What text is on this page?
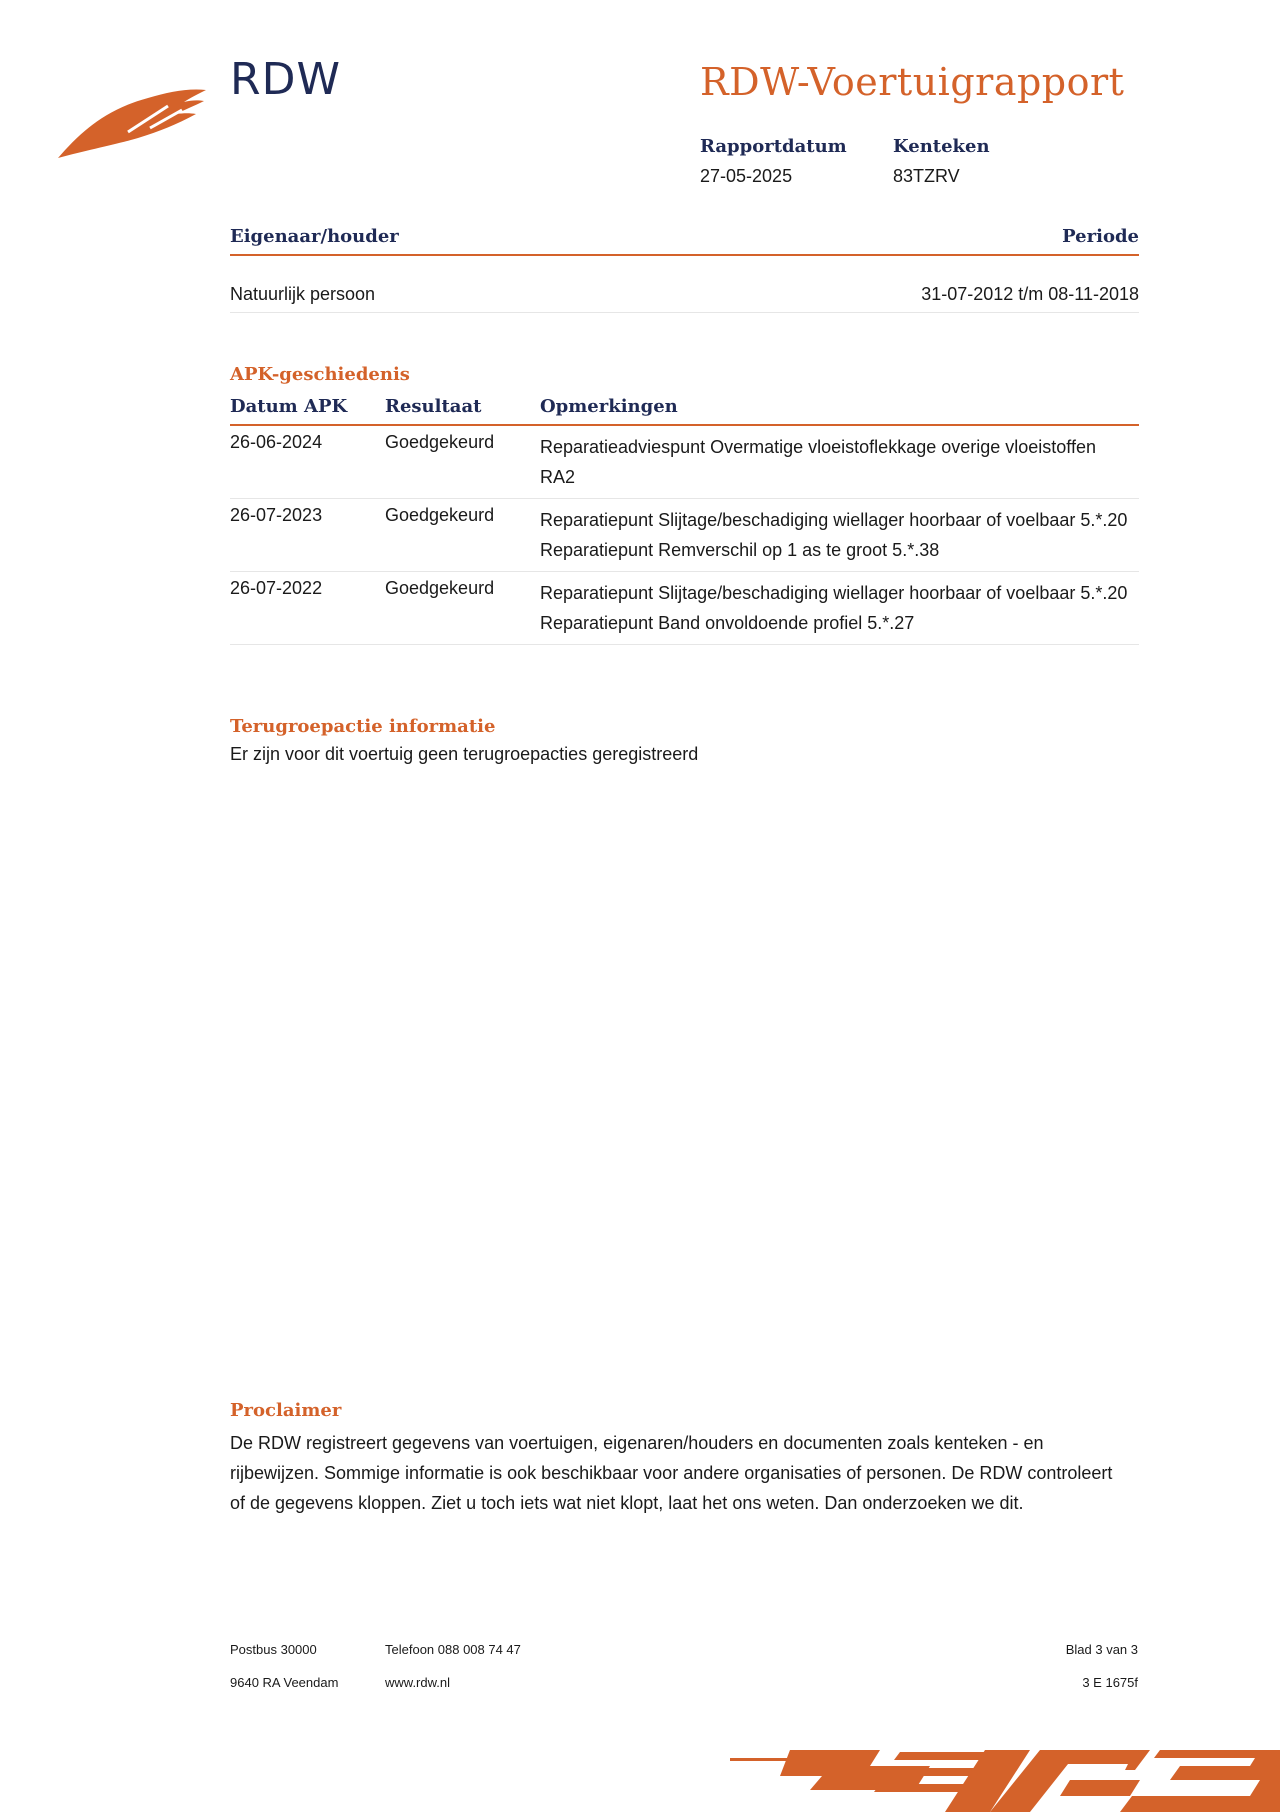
RDW	RDW-Voertuigrapport
Rapportdatum
27-05-2025
Kenteken
83TZRV
Eigenaar/houder	Periode
Natuurlijk persoon	31-07-2012 t/m 08-11-2018
APK-geschiedenis
Datum APK Resultaat	Opmerkingen
26-06-2024	Goedgekeurd	Reparatieadviespunt Overmatige vloeistoflekkage overige vloeistoffen RA2
26-07-2023	Goedgekeurd	Reparatiepunt Slijtage/beschadiging wiellager hoorbaar of voelbaar 5.*.20
Reparatiepunt Remverschil op 1 as te groot 5.*.38
26-07-2022	Goedgekeurd	Reparatiepunt Slijtage/beschadiging wiellager hoorbaar of voelbaar 5.*.20
Reparatiepunt Band onvoldoende profiel 5.*.27
Terugroepactie informatie
Er zijn voor dit voertuig geen terugroepacties geregistreerd
Proclaimer
De RDW registreert gegevens van voertuigen, eigenaren/houders en documenten zoals kenteken - en rijbewijzen. Sommige informatie is ook beschikbaar voor andere organisaties of personen. De RDW controleert of de gegevens kloppen. Ziet u toch iets wat niet klopt, laat het ons weten. Dan onderzoeken we dit.
Postbus 30000
9640 RA Veendam
Telefoon 088 008 74 47
www.rdw.nl
Blad 3 van 3
3 E 1675f
